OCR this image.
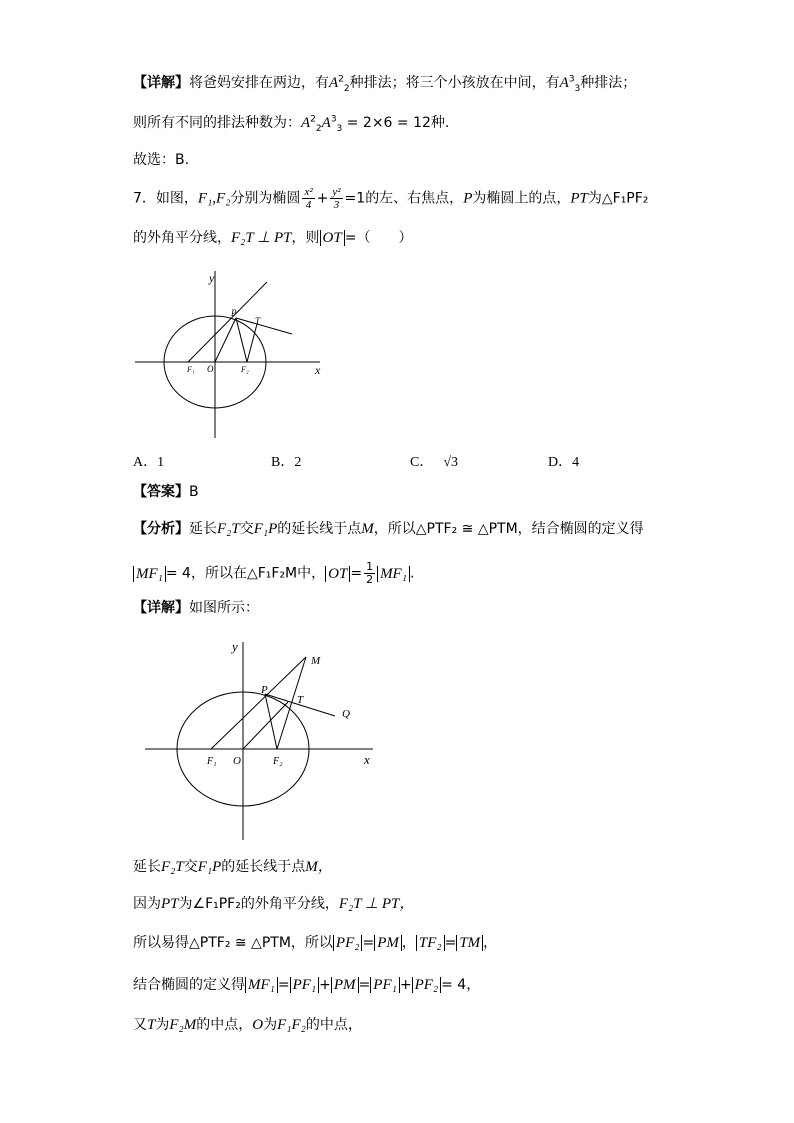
【详解】将爸妈安排在两边，有$A^2_2$种排法；将三个小孩放在中间，有$A^3_3$种排法；
则所有不同的排法种数为：$A^2_2A^3_3 = 2\times 6 = 12$种.
故选：B.
7．如图，F₁,F₂分别为椭圆 $\frac{\text{x²}}{4} + \frac{\text{y²}}{3} =1$的左、右焦点，P为椭圆上的点，PT为△F₁PF₂
的外角平分线，F₂T ⊥ PT，则 OT =（　　）
y
x
O
F₁	F₂
P
T
A．1	B．2	C． √3	D．4
【答案】B
【分析】延长F₂T交F₁P的延长线于点M，所以△PTF₂ ≅ △PTM，结合椭圆的定义得
MF₁ = 4，所以在△F₁F₂M中， OT = $\frac{1}{2} MF_1$ .
【详解】如图所示：
y
x
O
F₁	F₂
P
T
M
Q
延长F₂T交F₁P的延长线于点M，
因为PT为∠F₁PF₂的外角平分线，F₂T ⊥ PT，
所以易得△PTF₂ ≅ △PTM，所以 PF₂ = PM ， TF₂ = TM ，
结合椭圆的定义得 MF₁ = PF₁ + PM = PF₁ + PF₂ = 4，
又T为F₂M的中点，O为F₁F₂的中点，
